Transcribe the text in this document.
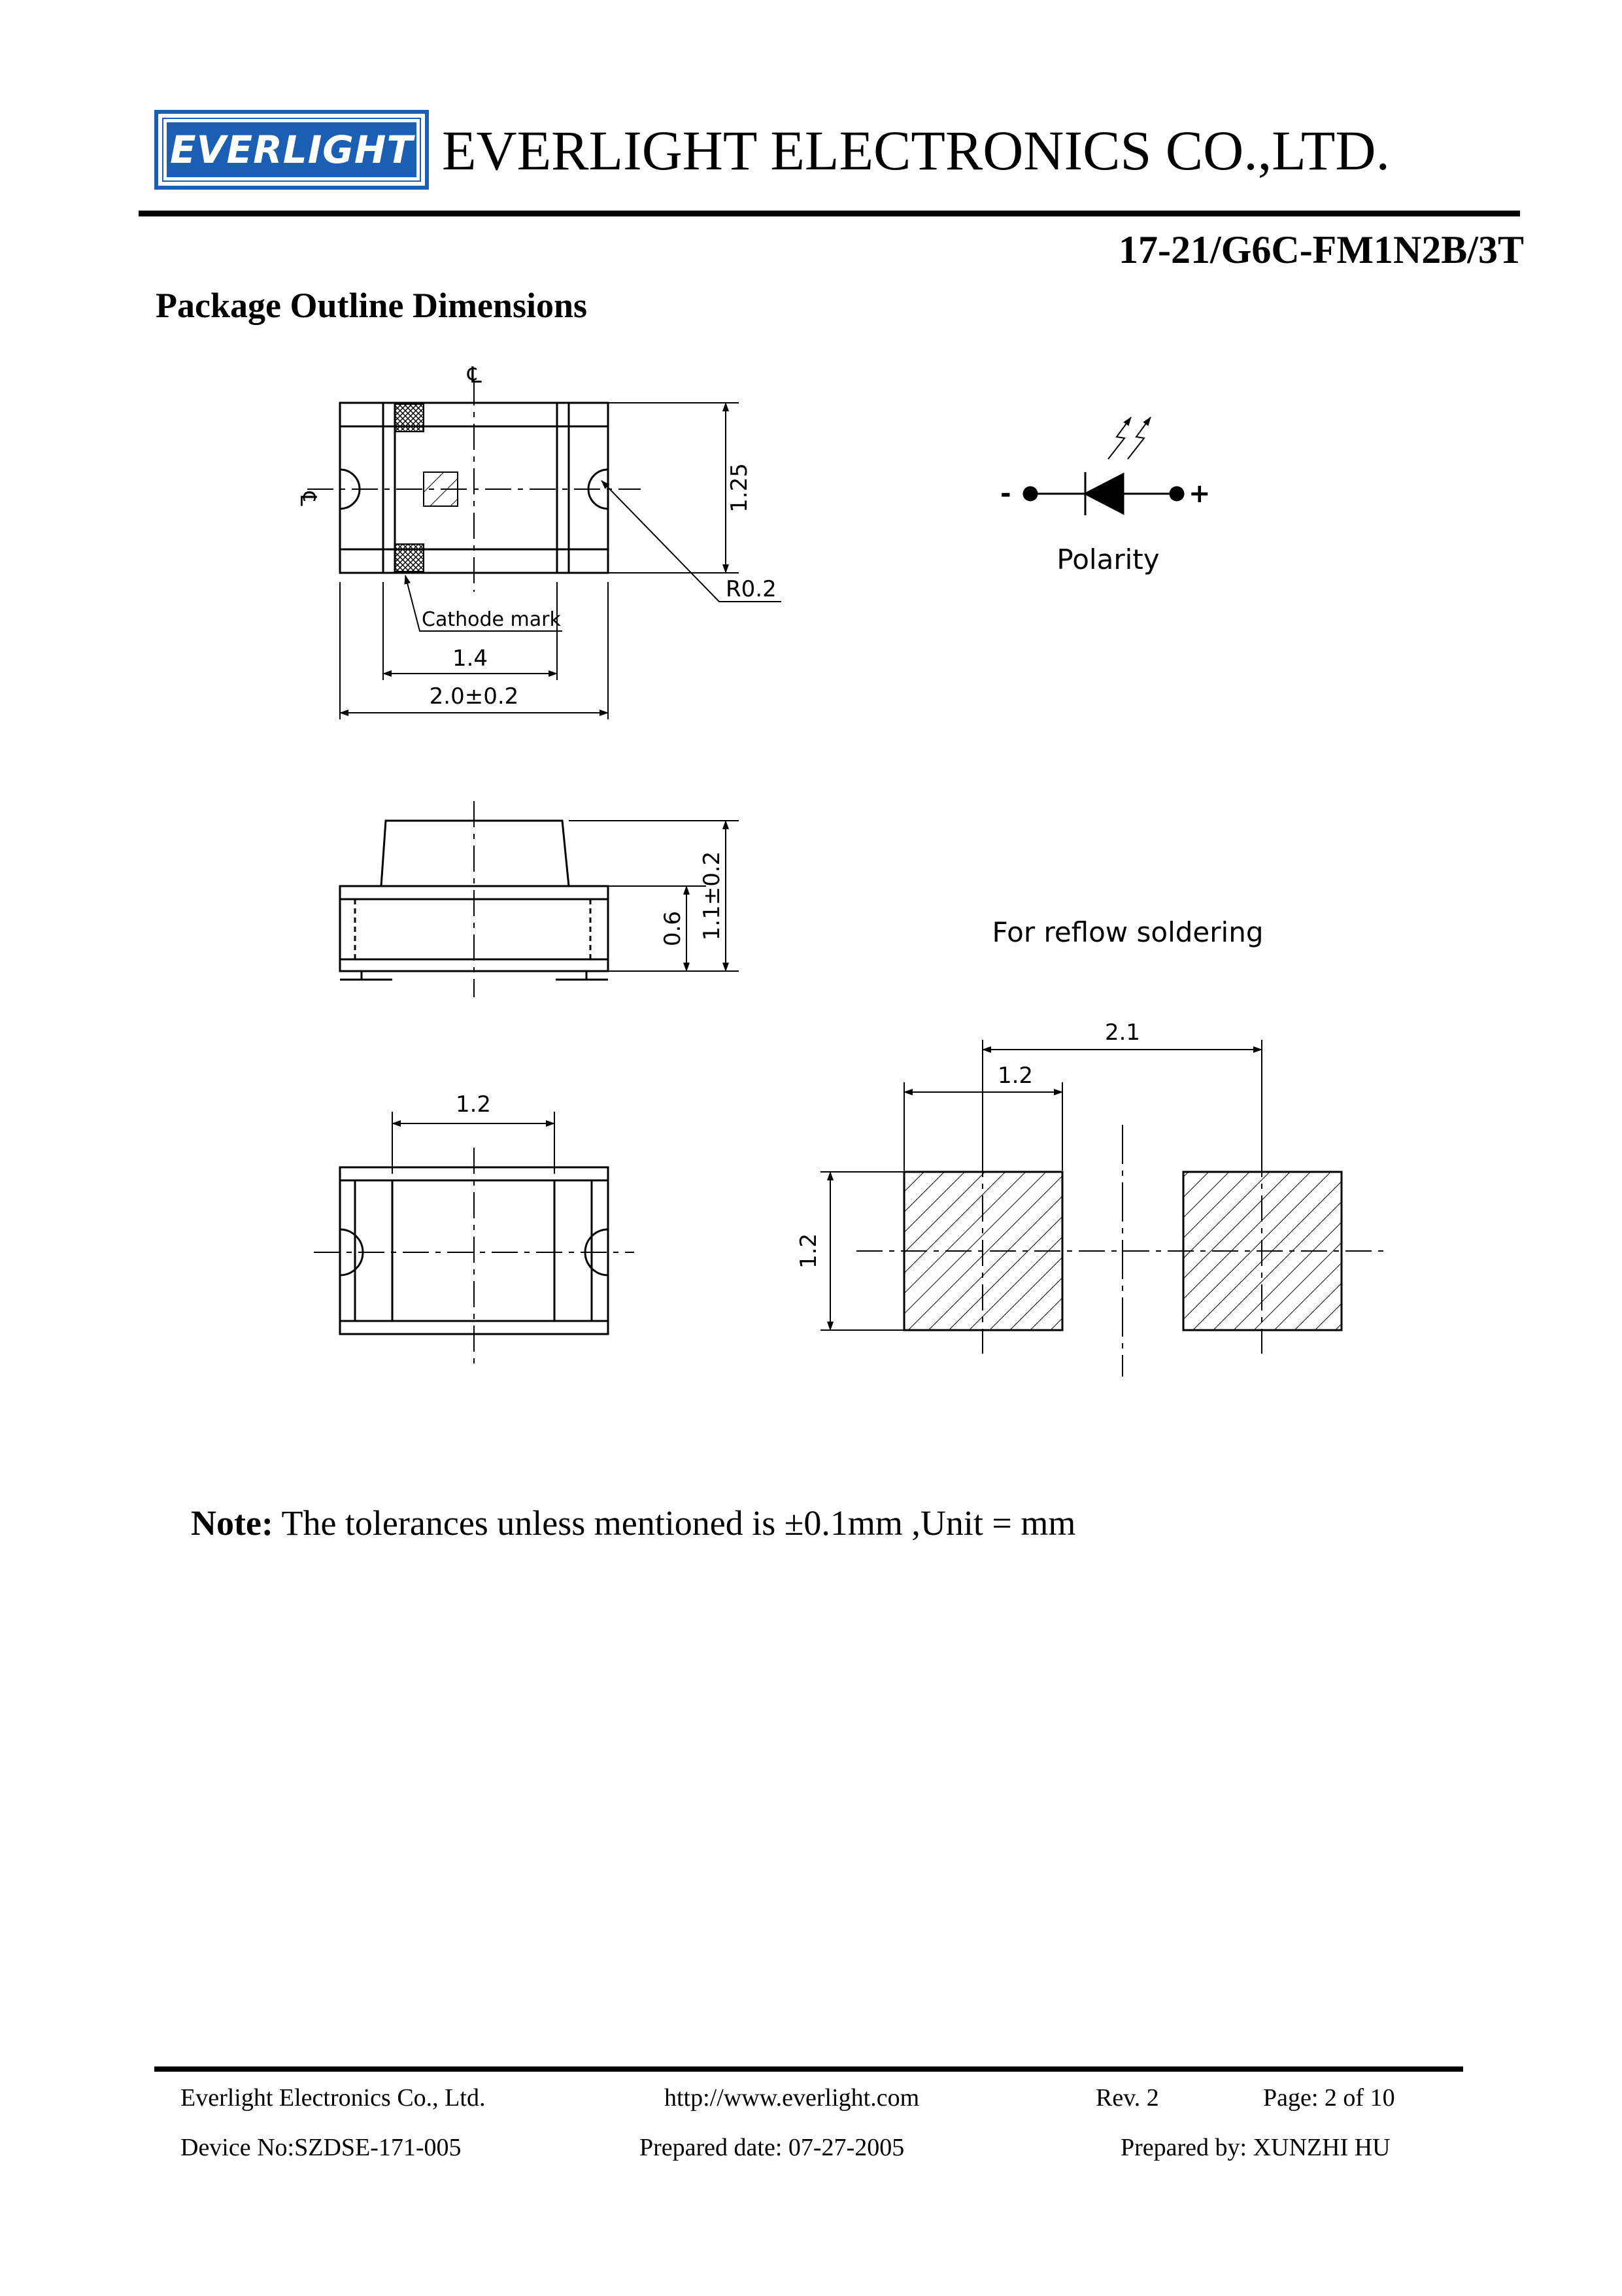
EVERLIGHT EVERLIGHT ELECTRONICS CO.,LTD.
17-21/G6C-FM1N2B/3T
Package Outline Dimensions
℄
℄	1.25
R0.2
Cathode mark
1.4
2.0±0.2
-	+
Polarity
0.6 1.1±0.2	For reflow soldering
1.2
2.1
1.2
1.2
Note: The tolerances unless mentioned is ±0.1mm ,Unit = mm
Everlight Electronics Co., Ltd.	http://www.everlight.com	Rev. 2	Page: 2 of 10
Device No:SZDSE-171-005	Prepared date: 07-27-2005	Prepared by: XUNZHI HU
